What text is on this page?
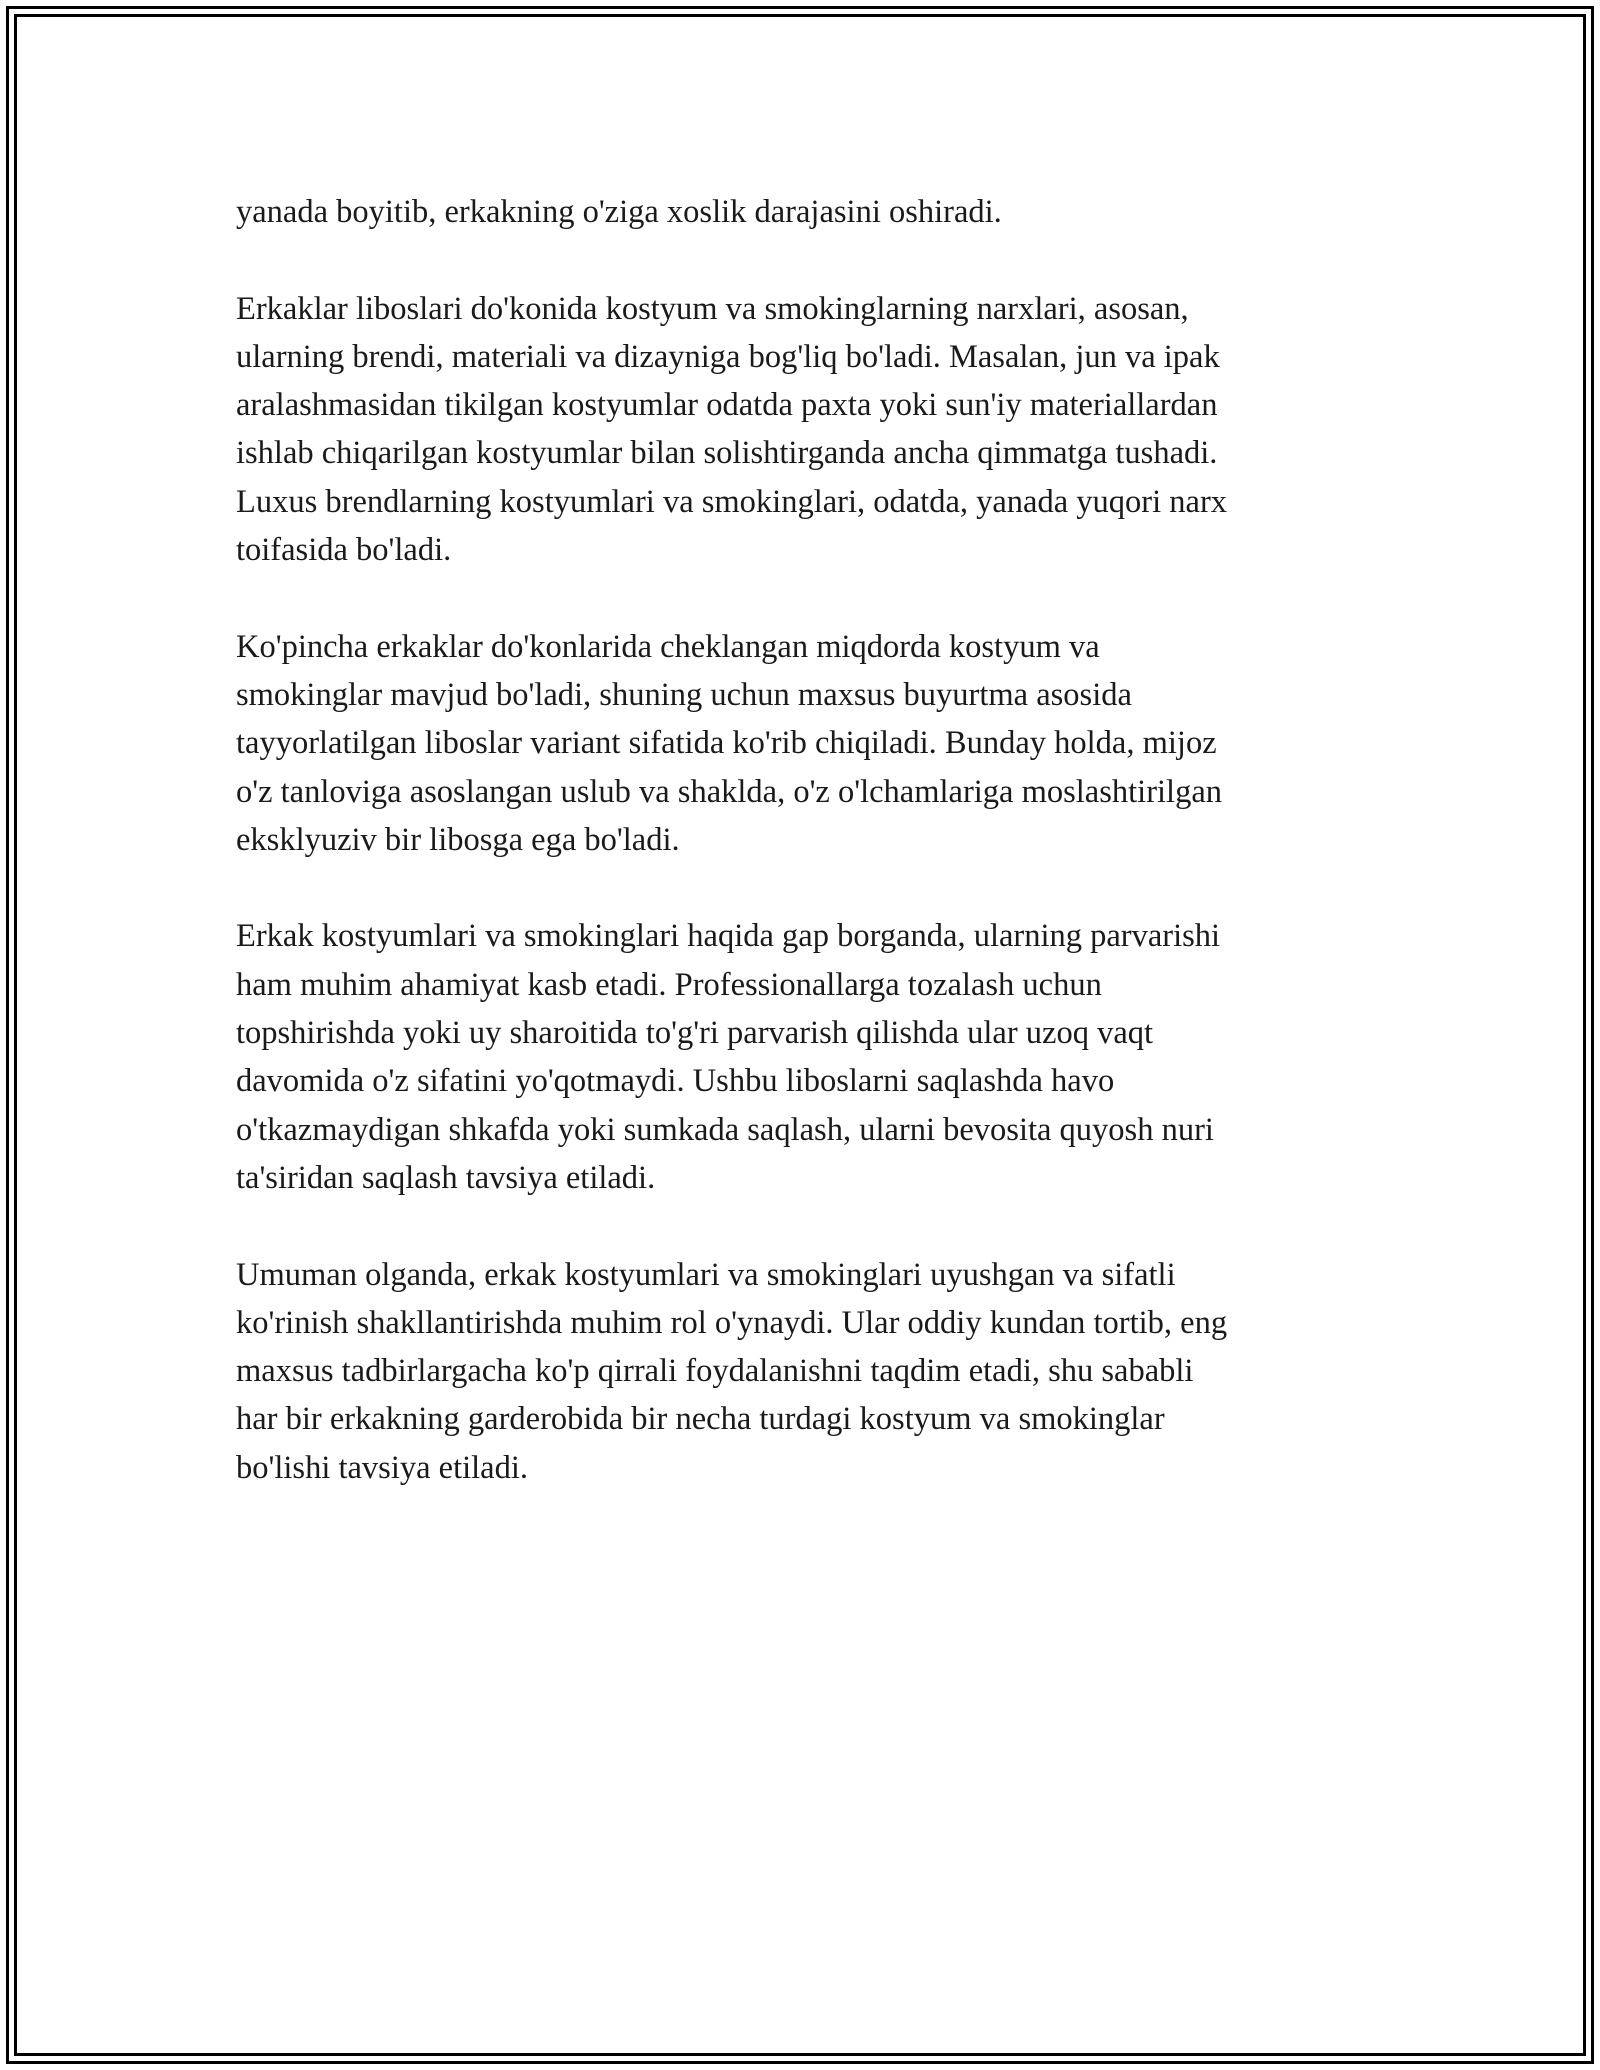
yanada boyitib, erkakning o'ziga xoslik darajasini oshiradi.

Erkaklar liboslari do'konida kostyum va smokinglarning narxlari, asosan,
ularning brendi, materiali va dizayniga bog'liq bo'ladi. Masalan, jun va ipak
aralashmasidan tikilgan kostyumlar odatda paxta yoki sun'iy materiallardan
ishlab chiqarilgan kostyumlar bilan solishtirganda ancha qimmatga tushadi.
Luxus brendlarning kostyumlari va smokinglari, odatda, yanada yuqori narx
toifasida bo'ladi.

Ko'pincha erkaklar do'konlarida cheklangan miqdorda kostyum va
smokinglar mavjud bo'ladi, shuning uchun maxsus buyurtma asosida
tayyorlatilgan liboslar variant sifatida ko'rib chiqiladi. Bunday holda, mijoz
o'z tanloviga asoslangan uslub va shaklda, o'z o'lchamlariga moslashtirilgan
eksklyuziv bir libosga ega bo'ladi.

Erkak kostyumlari va smokinglari haqida gap borganda, ularning parvarishi
ham muhim ahamiyat kasb etadi. Professionallarga tozalash uchun
topshirishda yoki uy sharoitida to'g'ri parvarish qilishda ular uzoq vaqt
davomida o'z sifatini yo'qotmaydi. Ushbu liboslarni saqlashda havo
o'tkazmaydigan shkafda yoki sumkada saqlash, ularni bevosita quyosh nuri
ta'siridan saqlash tavsiya etiladi.

Umuman olganda, erkak kostyumlari va smokinglari uyushgan va sifatli
ko'rinish shakllantirishda muhim rol o'ynaydi. Ular oddiy kundan tortib, eng
maxsus tadbirlargacha ko'p qirrali foydalanishni taqdim etadi, shu sababli
har bir erkakning garderobida bir necha turdagi kostyum va smokinglar
bo'lishi tavsiya etiladi.
